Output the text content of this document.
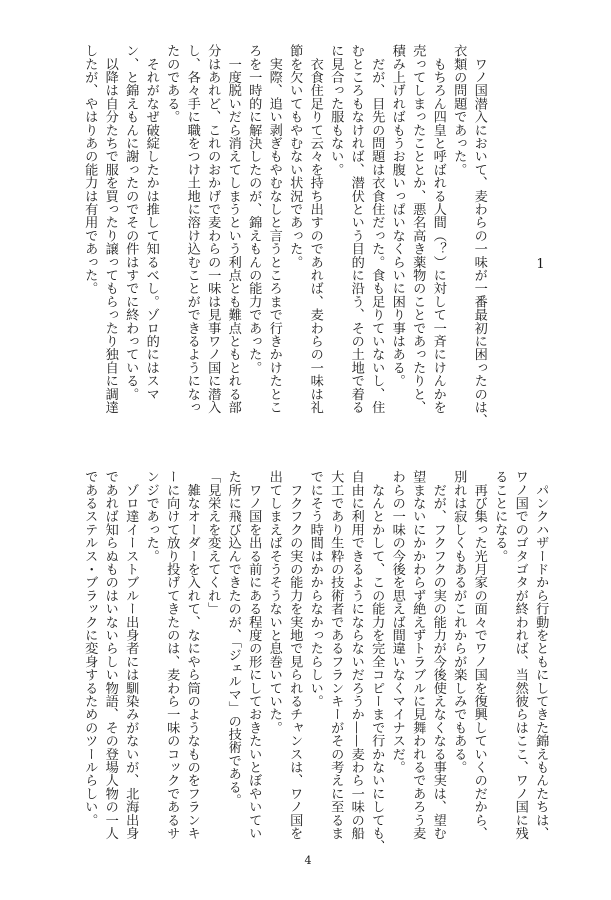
1
　ワノ国潜入において、麦わらの一味が一番最初に困ったのは、
衣類の問題であった。
　もちろん四皇と呼ばれる人間（？）に対して一斉にけんかを
売ってしまったこととか、悪名高き薬物のことであったりと、
積み上げればもうお腹いっぱいなくらいに困り事はある。
　だが、目先の問題は衣食住だった。食も足りていないし、住
むところもなければ、潜伏という目的に沿う、その土地で着る
に見合った服もない。
　衣食住足りて云々を持ち出すのであれば、麦わらの一味は礼
節を欠いてもやむない状況であった。
　実際、追い剥ぎもやむなしと言うところまで行きかけたとこ
ろを一時的に解決したのが、錦えもんの能力であった。
　一度脱いだら消えてしまうという利点とも難点ともとれる部
分はあれど、これのおかげで麦わらの一味は見事ワノ国に潜入
し、各々手に職をつけ土地に溶け込むことができるようになっ
たのである。
　それがなぜ破綻したかは推して知るべし。ゾロ的にはスマ
ン、と錦えもんに謝ったのでその件はすでに終わっている。
　以降は自分たちで服を買ったり譲ってもらったり独自に調達
したが、やはりあの能力は有用であった。
　パンクハザードから行動をともにしてきた錦えもんたちは、
ワノ国でのゴタゴタが終われば、当然彼らはここ、ワノ国に残
ることになる。
　再び集った光月家の面々でワノ国を復興していくのだから、
別れは寂しくもあるがこれからが楽しみでもある。
　だが、フクフクの実の能力が今後使えなくなる事実は、望む
望まないにかかわらず絶えずトラブルに見舞われるであろう麦
わらの一味の今後を思えば間違いなくマイナスだ。
　なんとかして、この能力を完全コピーまで行かないにしても、
自由に利用できるようにならないだろうか——麦わら一味の船
大工であり生粋の技術者であるフランキーがその考えに至るま
でにそう時間はかからなかったらしい。
　フクフクの実の能力を実地で見られるチャンスは、ワノ国を
出てしまえばそうそうないと息巻いていた。
　ワノ国を出る前にある程度の形にしておきたいとぼやいてい
た所に飛び込んできたのが、「ジェルマ」の技術である。
「見栄えを変えてくれ」
　雑なオーダーを入れて、なにやら筒のようなものをフランキ
ーに向けて放り投げてきたのは、麦わら一味のコックであるサ
ンジであった。
　ゾロ達イーストブルー出身者には馴染みがないが、北海出身
であれば知らぬものはいないらしい物語、その登場人物の一人
であるステルス・ブラックに変身するためのツールらしい。
4
